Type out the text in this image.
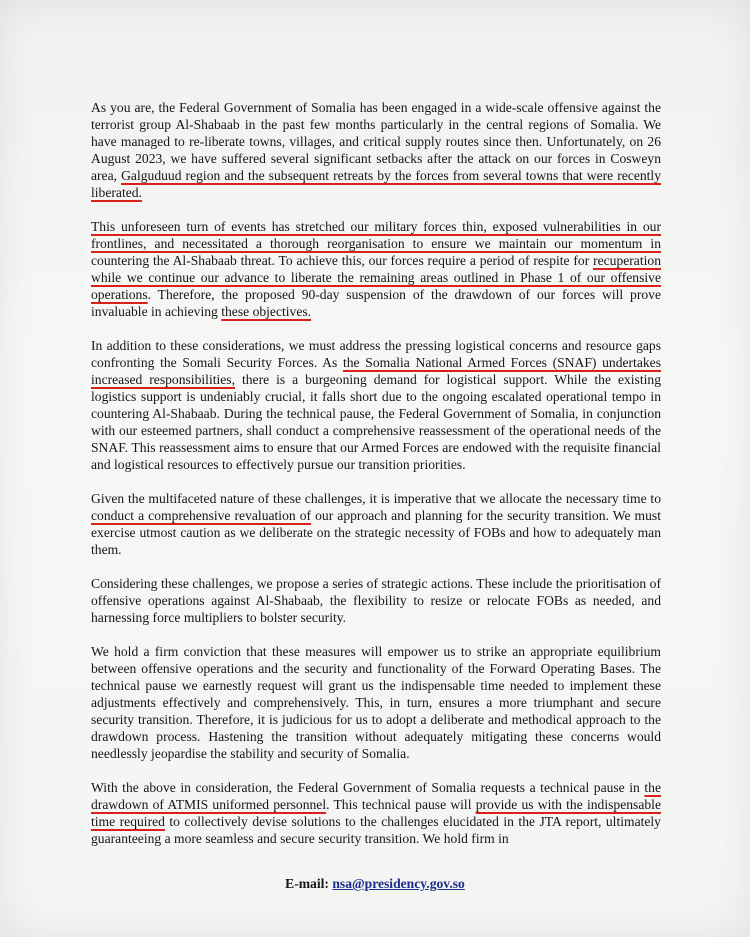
As you are, the Federal Government of Somalia has been engaged in a wide-scale offensive against the terrorist group Al-Shabaab in the past few months particularly in the central regions of Somalia. We have managed to re-liberate towns, villages, and critical supply routes since then. Unfortunately, on 26 August 2023, we have suffered several significant setbacks after the attack on our forces in Cosweyn area, Galguduud region and the subsequent retreats by the forces from several towns that were recently liberated.

This unforeseen turn of events has stretched our military forces thin, exposed vulnerabilities in our frontlines, and necessitated a thorough reorganisation to ensure we maintain our momentum in countering the Al-Shabaab threat. To achieve this, our forces require a period of respite for recuperation while we continue our advance to liberate the remaining areas outlined in Phase 1 of our offensive operations. Therefore, the proposed 90-day suspension of the drawdown of our forces will prove invaluable in achieving these objectives.

In addition to these considerations, we must address the pressing logistical concerns and resource gaps confronting the Somali Security Forces. As the Somalia National Armed Forces (SNAF) undertakes increased responsibilities, there is a burgeoning demand for logistical support. While the existing logistics support is undeniably crucial, it falls short due to the ongoing escalated operational tempo in countering Al-Shabaab. During the technical pause, the Federal Government of Somalia, in conjunction with our esteemed partners, shall conduct a comprehensive reassessment of the operational needs of the SNAF. This reassessment aims to ensure that our Armed Forces are endowed with the requisite financial and logistical resources to effectively pursue our transition priorities.

Given the multifaceted nature of these challenges, it is imperative that we allocate the necessary time to conduct a comprehensive revaluation of our approach and planning for the security transition. We must exercise utmost caution as we deliberate on the strategic necessity of FOBs and how to adequately man them.

Considering these challenges, we propose a series of strategic actions. These include the prioritisation of offensive operations against Al-Shabaab, the flexibility to resize or relocate FOBs as needed, and harnessing force multipliers to bolster security.

We hold a firm conviction that these measures will empower us to strike an appropriate equilibrium between offensive operations and the security and functionality of the Forward Operating Bases. The technical pause we earnestly request will grant us the indispensable time needed to implement these adjustments effectively and comprehensively. This, in turn, ensures a more triumphant and secure security transition. Therefore, it is judicious for us to adopt a deliberate and methodical approach to the drawdown process. Hastening the transition without adequately mitigating these concerns would needlessly jeopardise the stability and security of Somalia.

With the above in consideration, the Federal Government of Somalia requests a technical pause in the drawdown of ATMIS uniformed personnel. This technical pause will provide us with the indispensable time required to collectively devise solutions to the challenges elucidated in the JTA report, ultimately guaranteeing a more seamless and secure security transition. We hold firm in

E-mail: nsa@presidency.gov.so
